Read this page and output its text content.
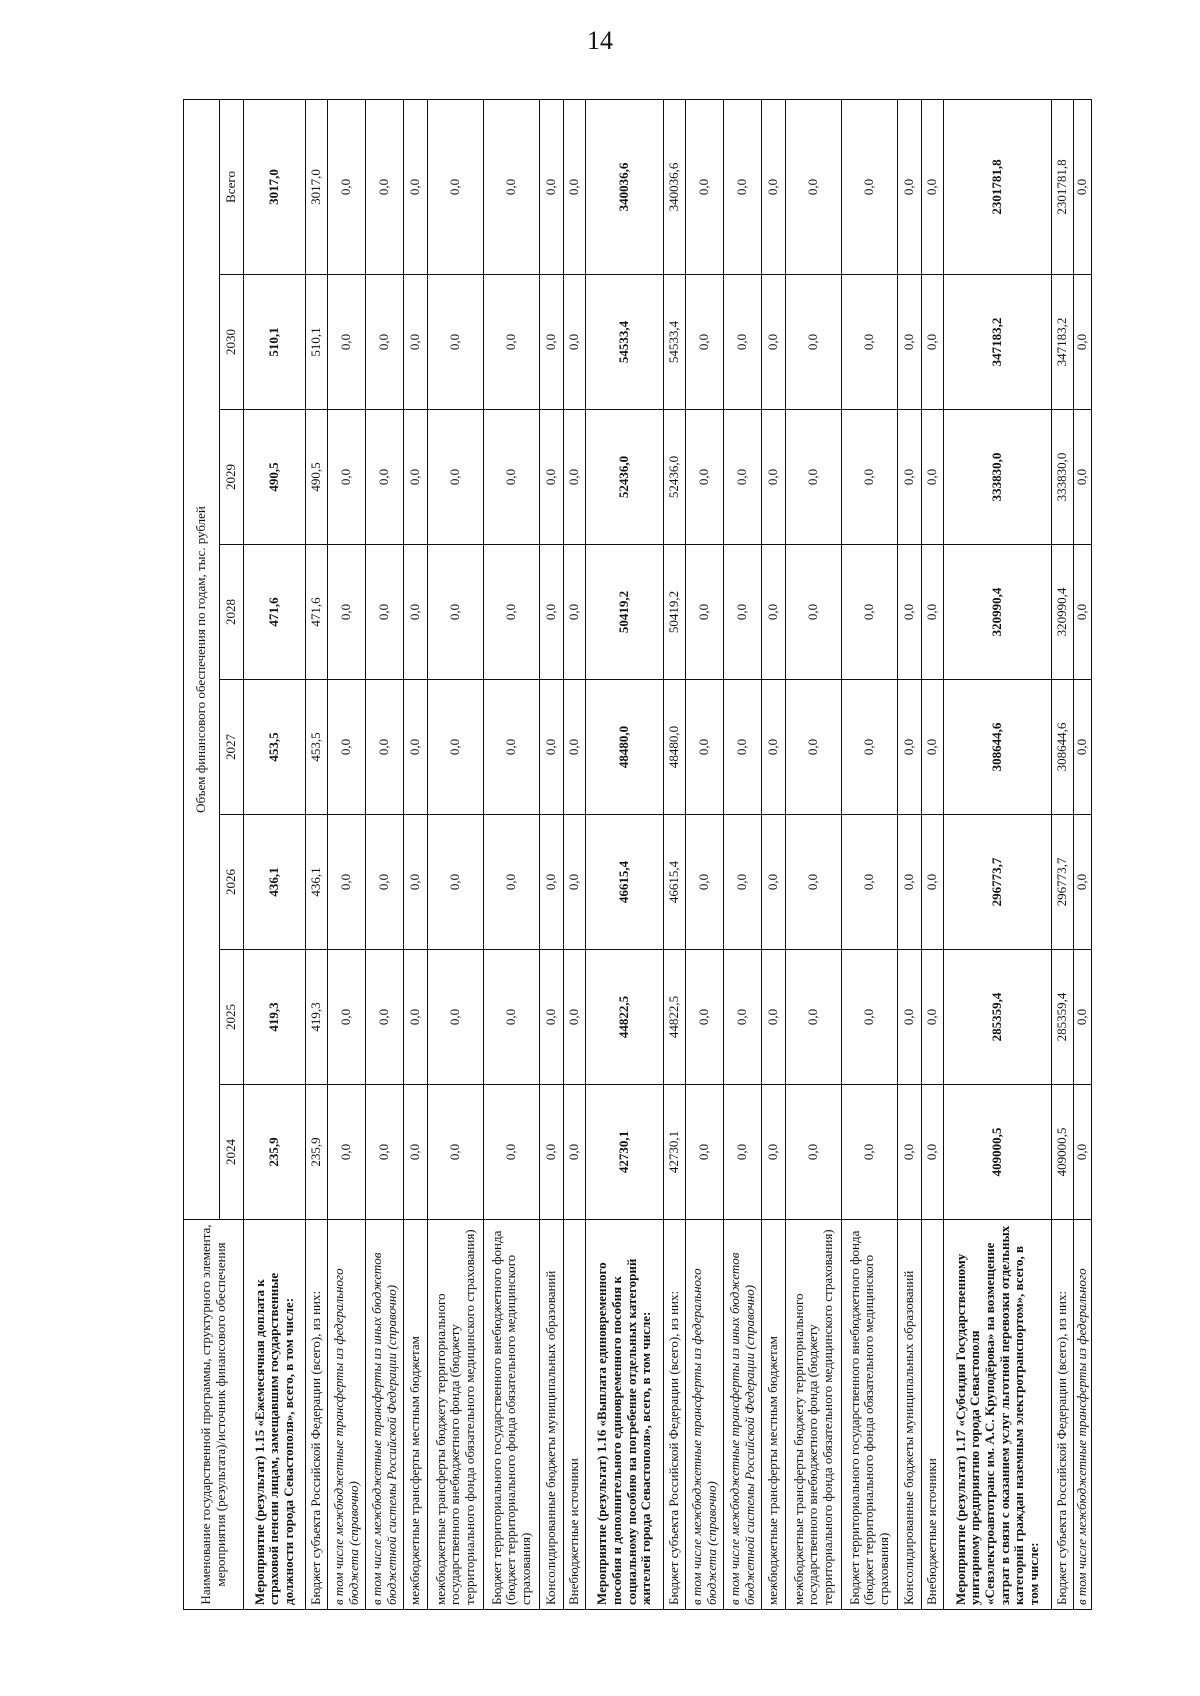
14
Наименование государственной программы, структурного элемента, мероприятия (результата)/источник финансового обеспечения	Объем финансового обеспечения по годам, тыс. рублей							
	2024	2025	2026	2027	2028	2029	2030	Всего
Мероприятие (результат) 1.15 «Ежемесячная доплата к страховой пенсии лицам, замещавшим государственные должности города Севастополя», всего, в том числе:	235,9	419,3	436,1	453,5	471,6	490,5	510,1	3017,0
Бюджет субъекта Российской Федерации (всего), из них:	235,9	419,3	436,1	453,5	471,6	490,5	510,1	3017,0
в том числе межбюджетные трансферты из федерального бюджета (справочно)	0,0	0,0	0,0	0,0	0,0	0,0	0,0	0,0
в том числе межбюджетные трансферты из иных бюджетов бюджетной системы Российской Федерации (справочно)	0,0	0,0	0,0	0,0	0,0	0,0	0,0	0,0
межбюджетные трансферты местным бюджетам	0,0	0,0	0,0	0,0	0,0	0,0	0,0	0,0
межбюджетные трансферты бюджету территориального государственного внебюджетного фонда (бюджету территориального фонда обязательного медицинского страхования)	0,0	0,0	0,0	0,0	0,0	0,0	0,0	0,0
Бюджет территориального государственного внебюджетного фонда (бюджет территориального фонда обязательного медицинского страхования)	0,0	0,0	0,0	0,0	0,0	0,0	0,0	0,0
Консолидированные бюджеты муниципальных образований	0,0	0,0	0,0	0,0	0,0	0,0	0,0	0,0
Внебюджетные источники	0,0	0,0	0,0	0,0	0,0	0,0	0,0	0,0
Мероприятие (результат) 1.16 «Выплата единовременного пособия и дополнительного единовременного пособия к социальному пособию на погребение отдельных категорий жителей города Севастополя», всего, в том числе:	42730,1	44822,5	46615,4	48480,0	50419,2	52436,0	54533,4	340036,6
Бюджет субъекта Российской Федерации (всего), из них:	42730,1	44822,5	46615,4	48480,0	50419,2	52436,0	54533,4	340036,6
в том числе межбюджетные трансферты из федерального бюджета (справочно)	0,0	0,0	0,0	0,0	0,0	0,0	0,0	0,0
в том числе межбюджетные трансферты из иных бюджетов бюджетной системы Российской Федерации (справочно)	0,0	0,0	0,0	0,0	0,0	0,0	0,0	0,0
межбюджетные трансферты местным бюджетам	0,0	0,0	0,0	0,0	0,0	0,0	0,0	0,0
межбюджетные трансферты бюджету территориального государственного внебюджетного фонда (бюджету территориального фонда обязательного медицинского страхования)	0,0	0,0	0,0	0,0	0,0	0,0	0,0	0,0
Бюджет территориального государственного внебюджетного фонда (бюджет территориального фонда обязательного медицинского страхования)	0,0	0,0	0,0	0,0	0,0	0,0	0,0	0,0
Консолидированные бюджеты муниципальных образований	0,0	0,0	0,0	0,0	0,0	0,0	0,0	0,0
Внебюджетные источники	0,0	0,0	0,0	0,0	0,0	0,0	0,0	0,0
Мероприятие (результат) 1.17 «Субсидия Государственному унитарному предприятию города Севастополя «Севэлектроавтотранс им. А.С. Круподёрова» на возмещение затрат в связи с оказанием услуг льготной перевозки отдельных категорий граждан наземным электротранспортом», всего, в том числе:	409000,5	285359,4	296773,7	308644,6	320990,4	333830,0	347183,2	2301781,8
Бюджет субъекта Российской Федерации (всего), из них:	409000,5	285359,4	296773,7	308644,6	320990,4	333830,0	347183,2	2301781,8
в том числе межбюджетные трансферты из федерального	0,0	0,0	0,0	0,0	0,0	0,0	0,0	0,0
